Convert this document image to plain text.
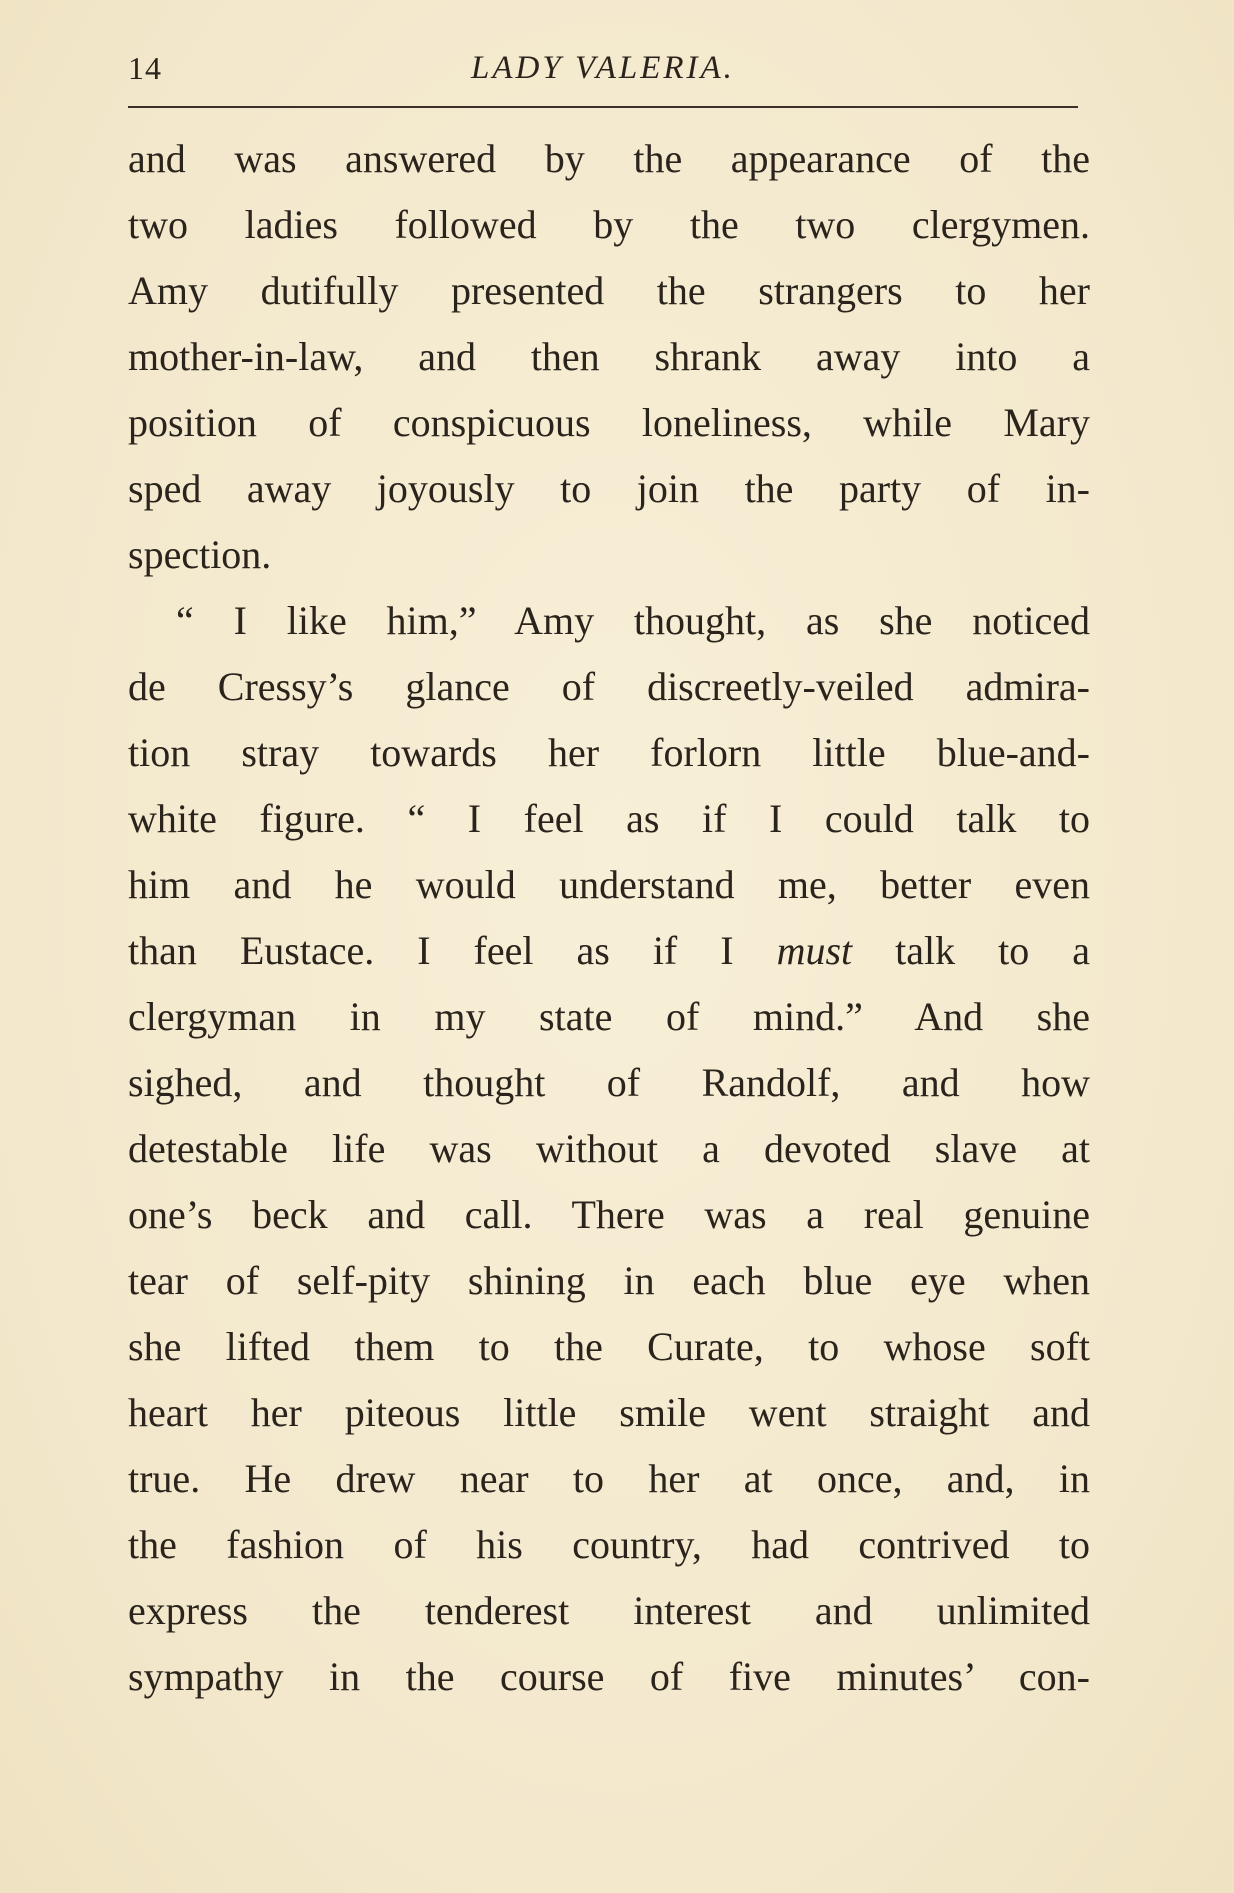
14	LADY VALERIA.
and was answered by the appearance of the
two ladies followed by the two clergymen.
Amy dutifully presented the strangers to her
mother-in-law, and then shrank away into a
position of conspicuous loneliness, while Mary
sped away joyously to join the party of in-
spection.
“ I like him,” Amy thought, as she noticed
de Cressy’s glance of discreetly-veiled admira-
tion stray towards her forlorn little blue-and-
white figure. “ I feel as if I could talk to
him and he would understand me, better even
than Eustace. I feel as if I must talk to a
clergyman in my state of mind.” And she
sighed, and thought of Randolf, and how
detestable life was without a devoted slave at
one’s beck and call. There was a real genuine
tear of self-pity shining in each blue eye when
she lifted them to the Curate, to whose soft
heart her piteous little smile went straight and
true. He drew near to her at once, and, in
the fashion of his country, had contrived to
express the tenderest interest and unlimited
sympathy in the course of five minutes’ con-
